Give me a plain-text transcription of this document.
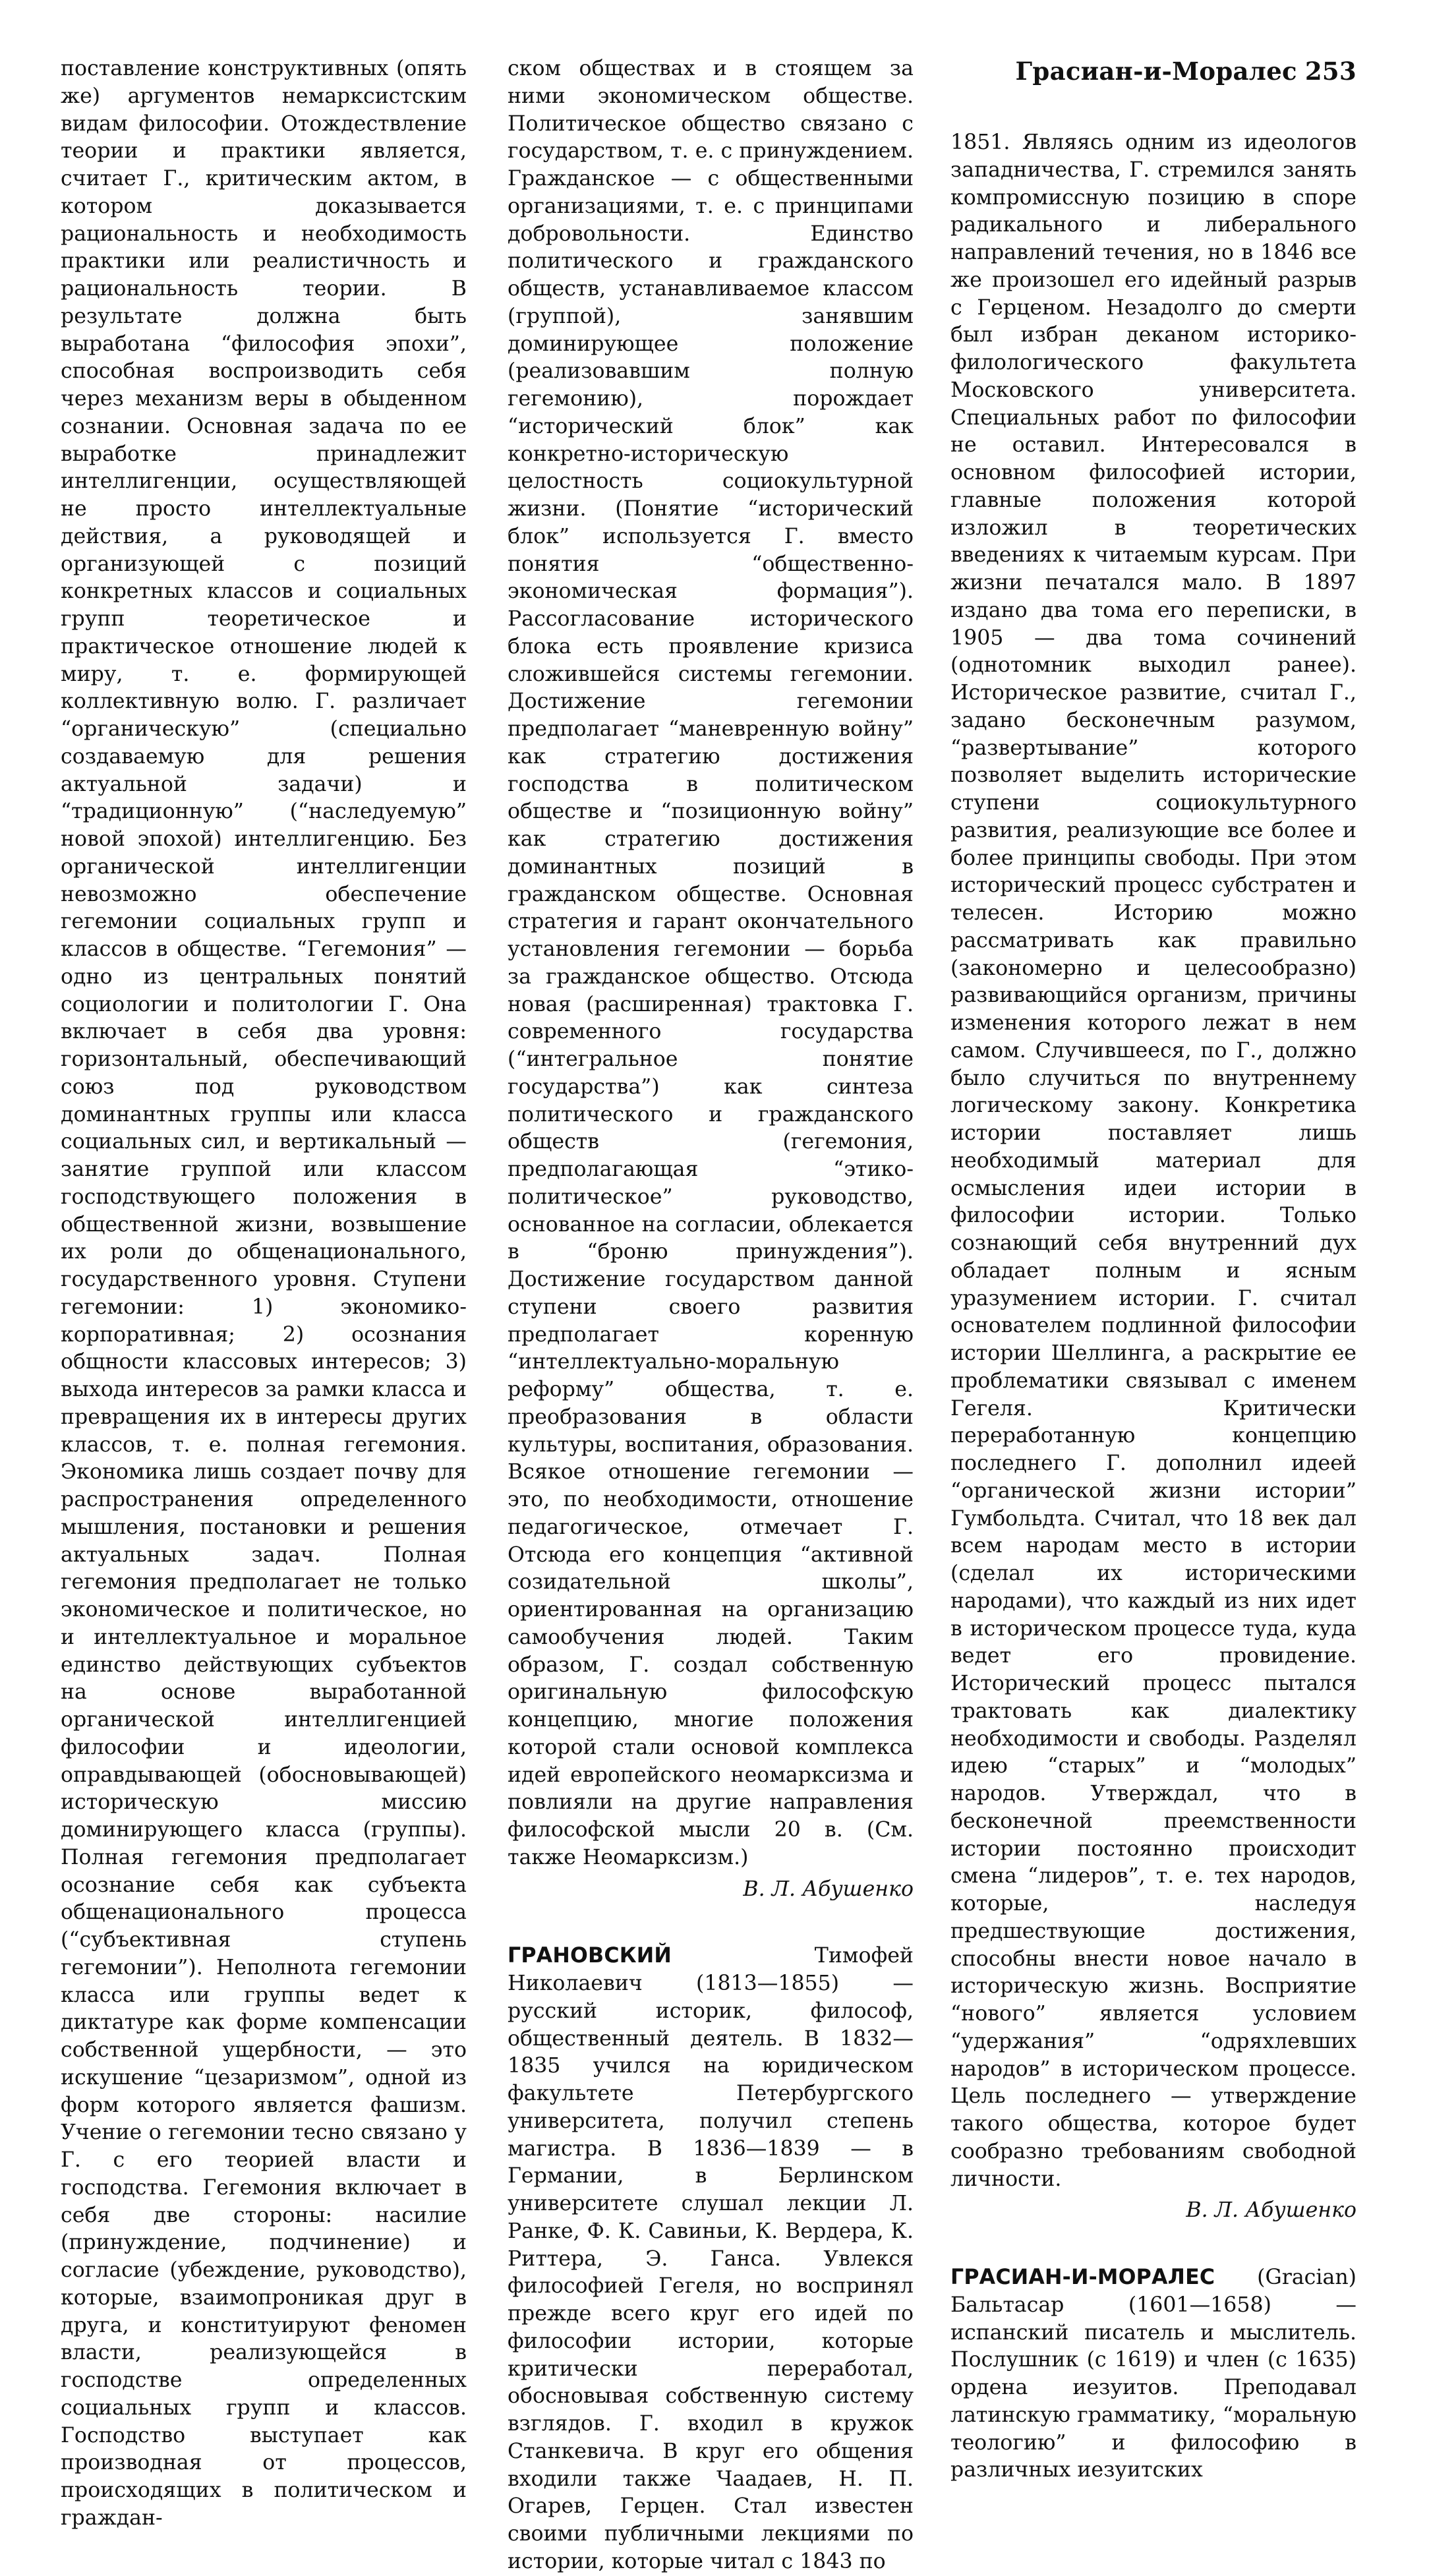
Грасиан-и-Моралес 253

поставление конструктивных (опять же) аргументов немарксистским видам философии. Отождествление теории и практики является, считает Г., критическим актом, в котором доказывается рациональность и необходимость практики или реалистичность и рациональность теории. В результате должна быть выработана “философия эпохи”, способная воспроизводить себя через механизм веры в обыденном сознании. Основная задача по ее выработке принадлежит интеллигенции, осуществляющей не просто интеллектуальные действия, а руководящей и организующей с позиций конкретных классов и социальных групп теоретическое и практическое отношение людей к миру, т. е. формирующей коллективную волю. Г. различает “органическую” (специально создаваемую для решения актуальной задачи) и “традиционную” (“наследуемую” новой эпохой) интеллигенцию. Без органической интеллигенции невозможно обеспечение гегемонии социальных групп и классов в обществе. “Гегемония” — одно из центральных понятий социологии и политологии Г. Она включает в себя два уровня: горизонтальный, обеспечивающий союз под руководством доминантных группы или класса социальных сил, и вертикальный — занятие группой или классом господствующего положения в общественной жизни, возвышение их роли до общенационального, государственного уровня. Ступени гегемонии: 1) экономико-корпоративная; 2) осознания общности классовых интересов; 3) выхода интересов за рамки класса и превращения их в интересы других классов, т. е. полная гегемония. Экономика лишь создает почву для распространения определенного мышления, постановки и решения актуальных задач. Полная гегемония предполагает не только экономическое и политическое, но и интеллектуальное и моральное единство действующих субъектов на основе выработанной органической интеллигенцией философии и идеологии, оправдывающей (обосновывающей) историческую миссию доминирующего класса (группы). Полная гегемония предполагает осознание себя как субъекта общенационального процесса (“субъективная ступень гегемонии”). Неполнота гегемонии класса или группы ведет к диктатуре как форме компенсации собственной ущербности, — это искушение “цезаризмом”, одной из форм которого является фашизм. Учение о гегемонии тесно связано у Г. с его теорией власти и господства. Гегемония включает в себя две стороны: насилие (принуждение, подчинение) и согласие (убеждение, руководство), которые, взаимопроникая друг в друга, и конституируют феномен власти, реализующейся в господстве определенных социальных групп и классов. Господство выступает как производная от процессов, происходящих в политическом и граждан-

ском обществах и в стоящем за ними экономическом обществе. Политическое общество связано с государством, т. е. с принуждением. Гражданское — с общественными организациями, т. е. с принципами добровольности. Единство политического и гражданского обществ, устанавливаемое классом (группой), занявшим доминирующее положение (реализовавшим полную гегемонию), порождает “исторический блок” как конкретно-историческую целостность социокультурной жизни. (Понятие “исторический блок” используется Г. вместо понятия “общественно-экономическая формация”). Рассогласование исторического блока есть проявление кризиса сложившейся системы гегемонии. Достижение гегемонии предполагает “маневренную войну” как стратегию достижения господства в политическом обществе и “позиционную войну” как стратегию достижения доминантных позиций в гражданском обществе. Основная стратегия и гарант окончательного установления гегемонии — борьба за гражданское общество. Отсюда новая (расширенная) трактовка Г. современного государства (“интегральное понятие государства”) как синтеза политического и гражданского обществ (гегемония, предполагающая “этико-политическое” руководство, основанное на согласии, облекается в “броню принуждения”). Достижение государством данной ступени своего развития предполагает коренную “интеллектуально-моральную реформу” общества, т. е. преобразования в области культуры, воспитания, образования. Всякое отношение гегемонии — это, по необходимости, отношение педагогическое, отмечает Г. Отсюда его концепция “активной созидательной школы”, ориентированная на организацию самообучения людей. Таким образом, Г. создал собственную оригинальную философскую концепцию, многие положения которой стали основой комплекса идей европейского неомарксизма и повлияли на другие направления философской мысли 20 в. (См. также Неомарксизм.)

В. Л. Абушенко

ГРАНОВСКИЙ Тимофей Николаевич (1813—1855) — русский историк, философ, общественный деятель. В 1832—1835 учился на юридическом факультете Петербургского университета, получил степень магистра. В 1836—1839 — в Германии, в Берлинском университете слушал лекции Л. Ранке, Ф. К. Савиньи, К. Вердера, К. Риттера, Э. Ганса. Увлекся философией Гегеля, но воспринял прежде всего круг его идей по философии истории, которые критически переработал, обосновывая собственную систему взглядов. Г. входил в кружок Станкевича. В круг его общения входили также Чаадаев, Н. П. Огарев, Герцен. Стал известен своими публичными лекциями по истории, которые читал с 1843 по

1851. Являясь одним из идеологов западничества, Г. стремился занять компромиссную позицию в споре радикального и либерального направлений течения, но в 1846 все же произошел его идейный разрыв с Герценом. Незадолго до смерти был избран деканом историко-филологического факультета Московского университета. Специальных работ по философии не оставил. Интересовался в основном философией истории, главные положения которой изложил в теоретических введениях к читаемым курсам. При жизни печатался мало. В 1897 издано два тома его переписки, в 1905 — два тома сочинений (однотомник выходил ранее). Историческое развитие, считал Г., задано бесконечным разумом, “развертывание” которого позволяет выделить исторические ступени социокультурного развития, реализующие все более и более принципы свободы. При этом исторический процесс субстратен и телесен. Историю можно рассматривать как правильно (закономерно и целесообразно) развивающийся организм, причины изменения которого лежат в нем самом. Случившееся, по Г., должно было случиться по внутреннему логическому закону. Конкретика истории поставляет лишь необходимый материал для осмысления идеи истории в философии истории. Только сознающий себя внутренний дух обладает полным и ясным уразумением истории. Г. считал основателем подлинной философии истории Шеллинга, а раскрытие ее проблематики связывал с именем Гегеля. Критически переработанную концепцию последнего Г. дополнил идеей “органической жизни истории” Гумбольдта. Считал, что 18 век дал всем народам место в истории (сделал их историческими народами), что каждый из них идет в историческом процессе туда, куда ведет его провидение. Исторический процесс пытался трактовать как диалектику необходимости и свободы. Разделял идею “старых” и “молодых” народов. Утверждал, что в бесконечной преемственности истории постоянно происходит смена “лидеров”, т. е. тех народов, которые, наследуя предшествующие достижения, способны внести новое начало в историческую жизнь. Восприятие “нового” является условием “удержания” “одряхлевших народов” в историческом процессе. Цель последнего — утверждение такого общества, которое будет сообразно требованиям свободной личности.

В. Л. Абушенко

ГРАСИАН-И-МОРАЛЕС (Gracian) Бальтасар (1601—1658) — испанский писатель и мыслитель. Послушник (с 1619) и член (с 1635) ордена иезуитов. Преподавал латинскую грамматику, “моральную теологию” и философию в различных иезуитских
